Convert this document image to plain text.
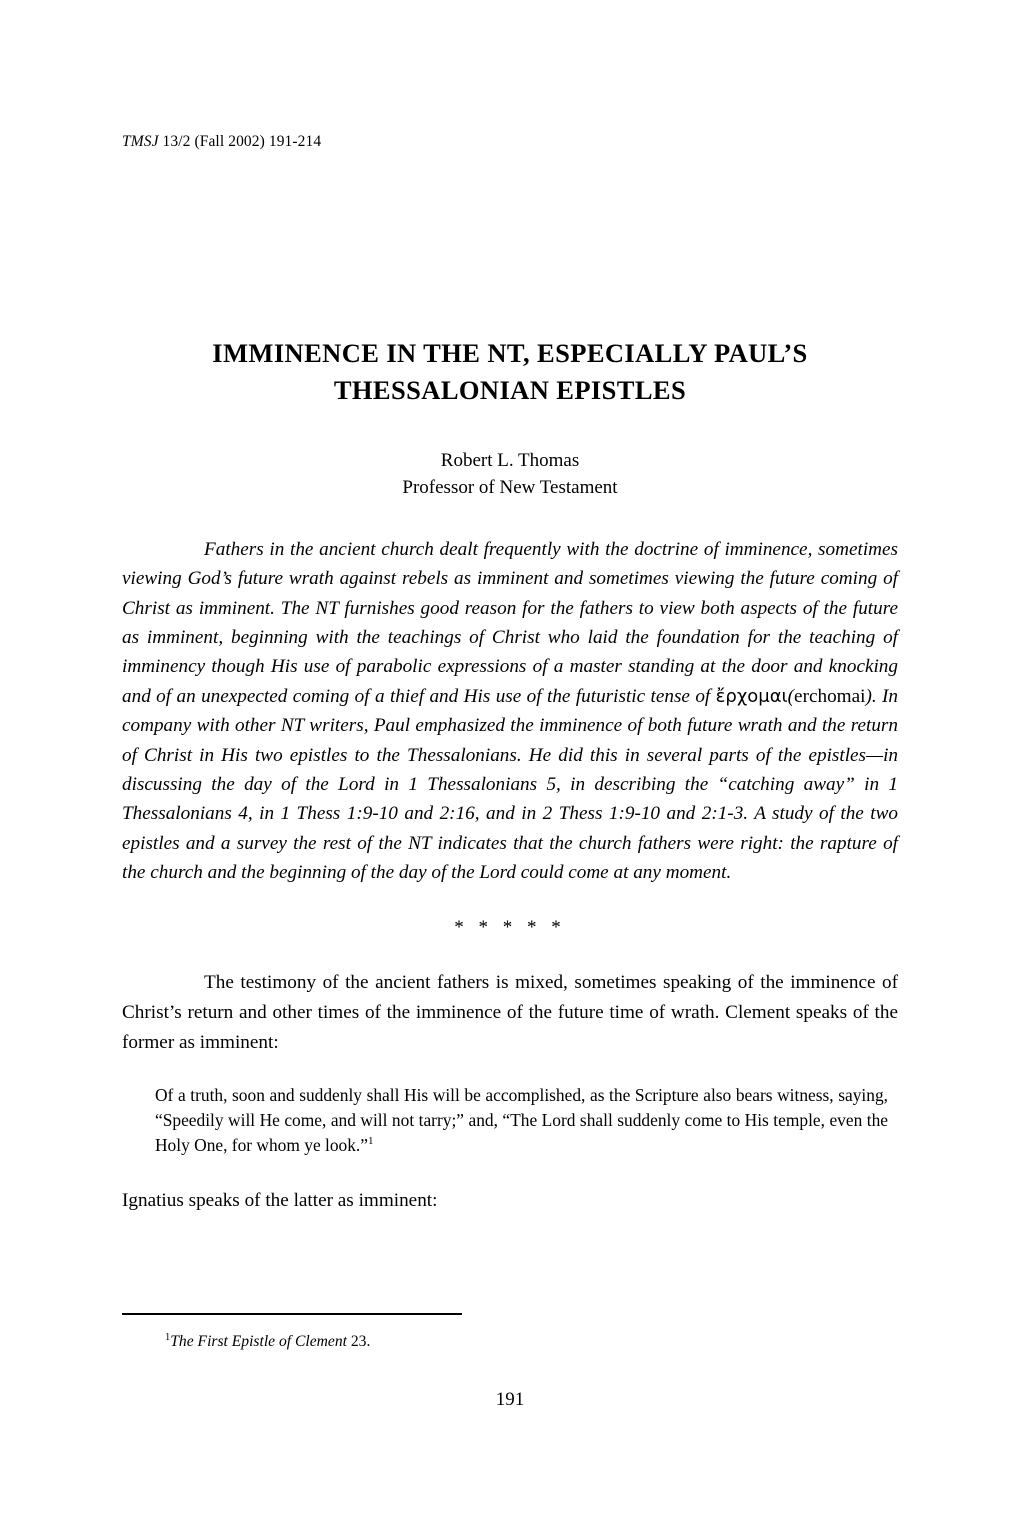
TMSJ 13/2 (Fall 2002) 191-214
IMMINENCE IN THE NT, ESPECIALLY PAUL’S THESSALONIAN EPISTLES
Robert L. Thomas
Professor of New Testament

Fathers in the ancient church dealt frequently with the doctrine of imminence, sometimes viewing God’s future wrath against rebels as imminent and sometimes viewing the future coming of Christ as imminent. The NT furnishes good reason for the fathers to view both aspects of the future as imminent, beginning with the teachings of Christ who laid the foundation for the teaching of imminency though His use of parabolic expressions of a master standing at the door and knocking and of an unexpected coming of a thief and His use of the futuristic tense of ἔρχομαι(erchomai). In company with other NT writers, Paul emphasized the imminence of both future wrath and the return of Christ in His two epistles to the Thessalonians. He did this in several parts of the epistles—in discussing the day of the Lord in 1 Thessalonians 5, in describing the “catching away” in 1 Thessalonians 4, in 1 Thess 1:9-10 and 2:16, and in 2 Thess 1:9-10 and 2:1-3. A study of the two epistles and a survey the rest of the NT indicates that the church fathers were right: the rapture of the church and the beginning of the day of the Lord could come at any moment.

* * * * *

The testimony of the ancient fathers is mixed, sometimes speaking of the imminence of Christ’s return and other times of the imminence of the future time of wrath. Clement speaks of the former as imminent:

Of a truth, soon and suddenly shall His will be accomplished, as the Scripture also bears witness, saying, “Speedily will He come, and will not tarry;” and, “The Lord shall suddenly come to His temple, even the Holy One, for whom ye look.”$^1$

Ignatius speaks of the latter as imminent:

$^1$The First Epistle of Clement 23.
191
